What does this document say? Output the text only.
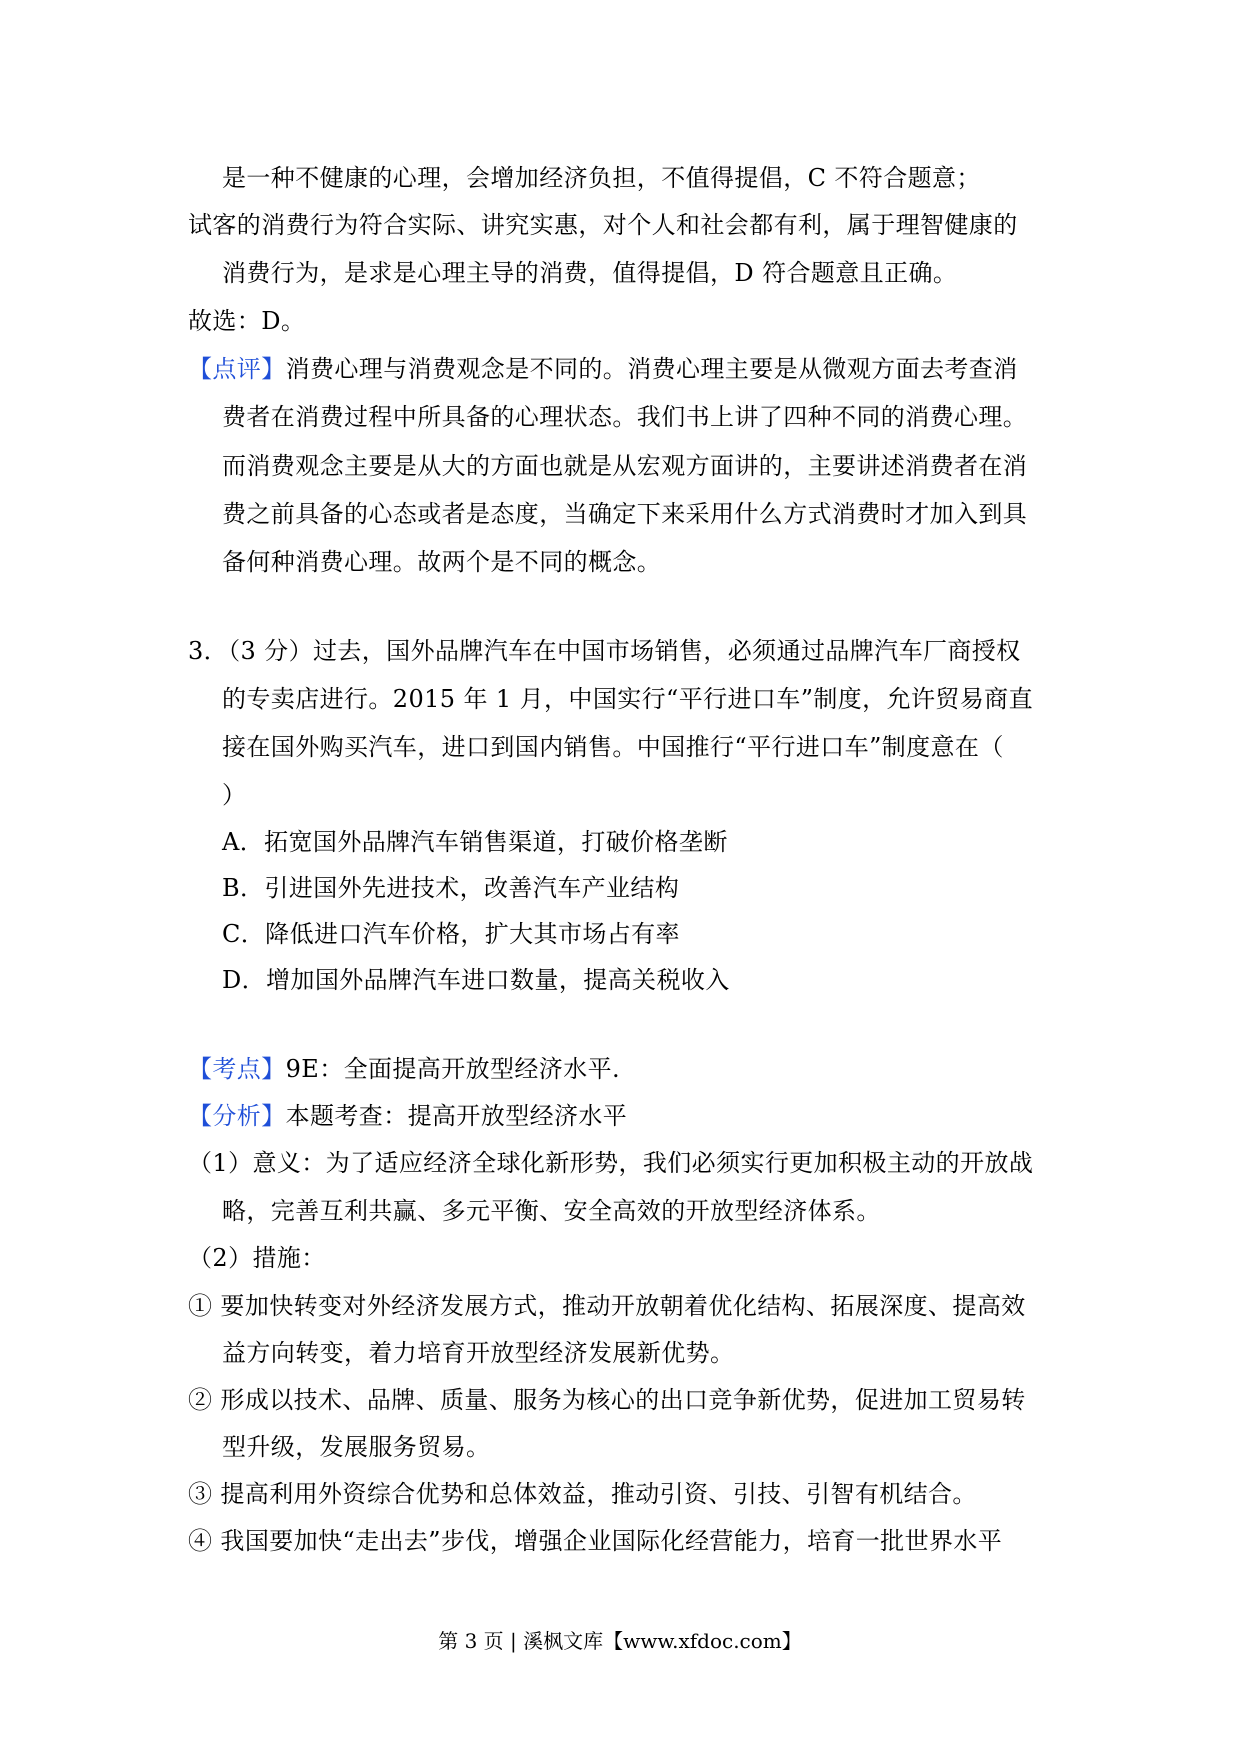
是一种不健康的心理，会增加经济负担，不值得提倡，C 不符合题意；
试客的消费行为符合实际、讲究实惠，对个人和社会都有利，属于理智健康的
消费行为，是求是心理主导的消费，值得提倡，D 符合题意且正确。
故选：D。
【点评】消费心理与消费观念是不同的。消费心理主要是从微观方面去考查消
费者在消费过程中所具备的心理状态。我们书上讲了四种不同的消费心理。
而消费观念主要是从大的方面也就是从宏观方面讲的，主要讲述消费者在消
费之前具备的心态或者是态度，当确定下来采用什么方式消费时才加入到具
备何种消费心理。故两个是不同的概念。
3．（3 分）过去，国外品牌汽车在中国市场销售，必须通过品牌汽车厂商授权
的专卖店进行。2015 年 1 月，中国实行“平行进口车”制度，允许贸易商直
接在国外购买汽车，进口到国内销售。中国推行“平行进口车”制度意在（
）
A．拓宽国外品牌汽车销售渠道，打破价格垄断
B．引进国外先进技术，改善汽车产业结构
C．降低进口汽车价格，扩大其市场占有率
D．增加国外品牌汽车进口数量，提高关税收入
【考点】9E：全面提高开放型经济水平.
【分析】本题考查：提高开放型经济水平
（1）意义：为了适应经济全球化新形势，我们必须实行更加积极主动的开放战
略，完善互利共赢、多元平衡、安全高效的开放型经济体系。
（2）措施：
① 要加快转变对外经济发展方式，推动开放朝着优化结构、拓展深度、提高效
益方向转变，着力培育开放型经济发展新优势。
② 形成以技术、品牌、质量、服务为核心的出口竞争新优势，促进加工贸易转
型升级，发展服务贸易。
③ 提高利用外资综合优势和总体效益，推动引资、引技、引智有机结合。
④ 我国要加快“走出去”步伐，增强企业国际化经营能力，培育一批世界水平
第 3 页 | 溪枫文库【www.xfdoc.com】
